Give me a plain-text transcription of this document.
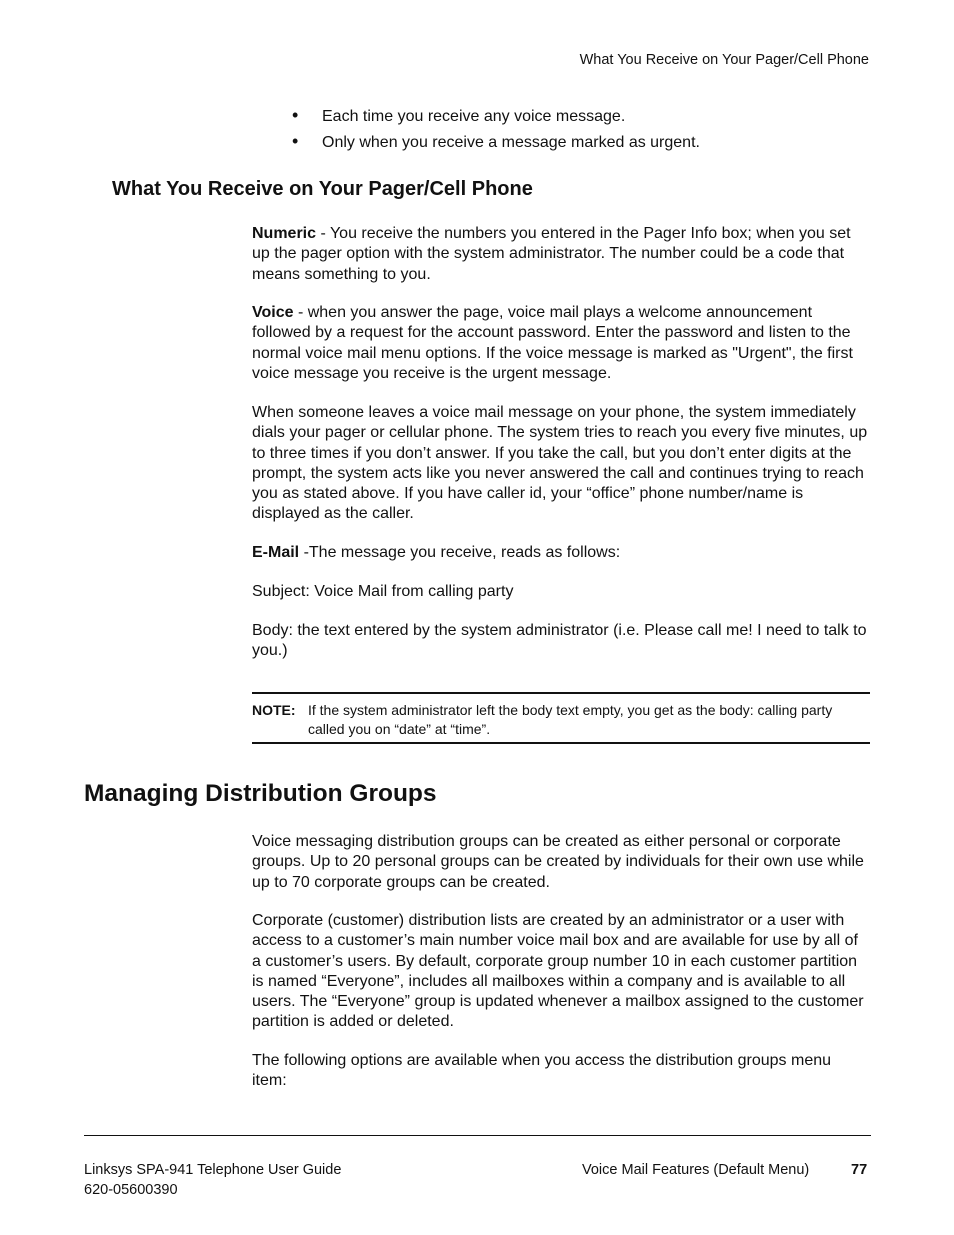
What You Receive on Your Pager/Cell Phone
• Each time you receive any voice message.
• Only when you receive a message marked as urgent.
What You Receive on Your Pager/Cell Phone

Numeric - You receive the numbers you entered in the Pager Info box; when you set up the pager option with the system administrator. The number could be a code that means something to you.

Voice - when you answer the page, voice mail plays a welcome announcement followed by a request for the account password. Enter the password and listen to the normal voice mail menu options. If the voice message is marked as "Urgent", the first voice message you receive is the urgent message.

When someone leaves a voice mail message on your phone, the system immediately dials your pager or cellular phone. The system tries to reach you every five minutes, up to three times if you don’t answer. If you take the call, but you don’t enter digits at the prompt, the system acts like you never answered the call and continues trying to reach you as stated above. If you have caller id, your “office” phone number/name is displayed as the caller.

E-Mail -The message you receive, reads as follows:

Subject: Voice Mail from calling party

Body: the text entered by the system administrator (i.e. Please call me! I need to talk to you.)

NOTE: If the system administrator left the body text empty, you get as the body: calling party called you on “date” at “time”.
Managing Distribution Groups

Voice messaging distribution groups can be created as either personal or corporate groups. Up to 20 personal groups can be created by individuals for their own use while up to 70 corporate groups can be created.

Corporate (customer) distribution lists are created by an administrator or a user with access to a customer’s main number voice mail box and are available for use by all of a customer’s users. By default, corporate group number 10 in each customer partition is named “Everyone”, includes all mailboxes within a company and is available to all users. The “Everyone” group is updated whenever a mailbox assigned to the customer partition is added or deleted.

The following options are available when you access the distribution groups menu item:

Linksys SPA-941 Telephone User Guide
620-05600390
Voice Mail Features (Default Menu)	77
